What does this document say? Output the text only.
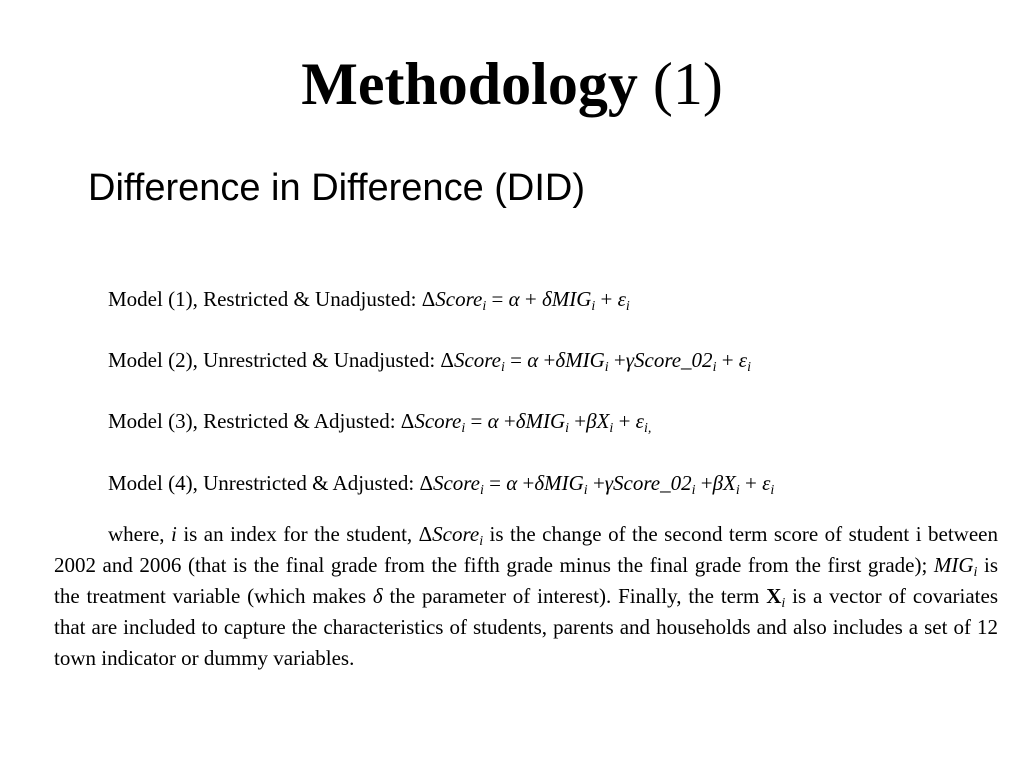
Methodology (1)
Difference in Difference (DID)
Model (1), Restricted & Unadjusted: ΔScore$_i$ = $\alpha + \delta MIG_i + \varepsilon_i$
Model (2), Unrestricted & Unadjusted: ΔScore$_i$ = $\alpha +\delta MIG_i +\gamma Score\_02_i + \varepsilon_i$
Model (3), Restricted & Adjusted: ΔScore$_i$ = $\alpha +\delta MIG_i +\beta X_i + \varepsilon_{i,}$
Model (4), Unrestricted & Adjusted: ΔScore$_i$ = $\alpha +\delta MIG_i +\gamma Score\_02_i +\beta X_i + \varepsilon_i$
where, i is an index for the student, ΔScore$_i$ is the change of the second term score of student i between 2002 and 2006 (that is the final grade from the fifth grade minus the final grade from the first grade); $MIG_i$ is the treatment variable (which makes δ the parameter of interest). Finally, the term $X_i$ is a vector of covariates that are included to capture the characteristics of students, parents and households and also includes a set of 12 town indicator or dummy variables.
